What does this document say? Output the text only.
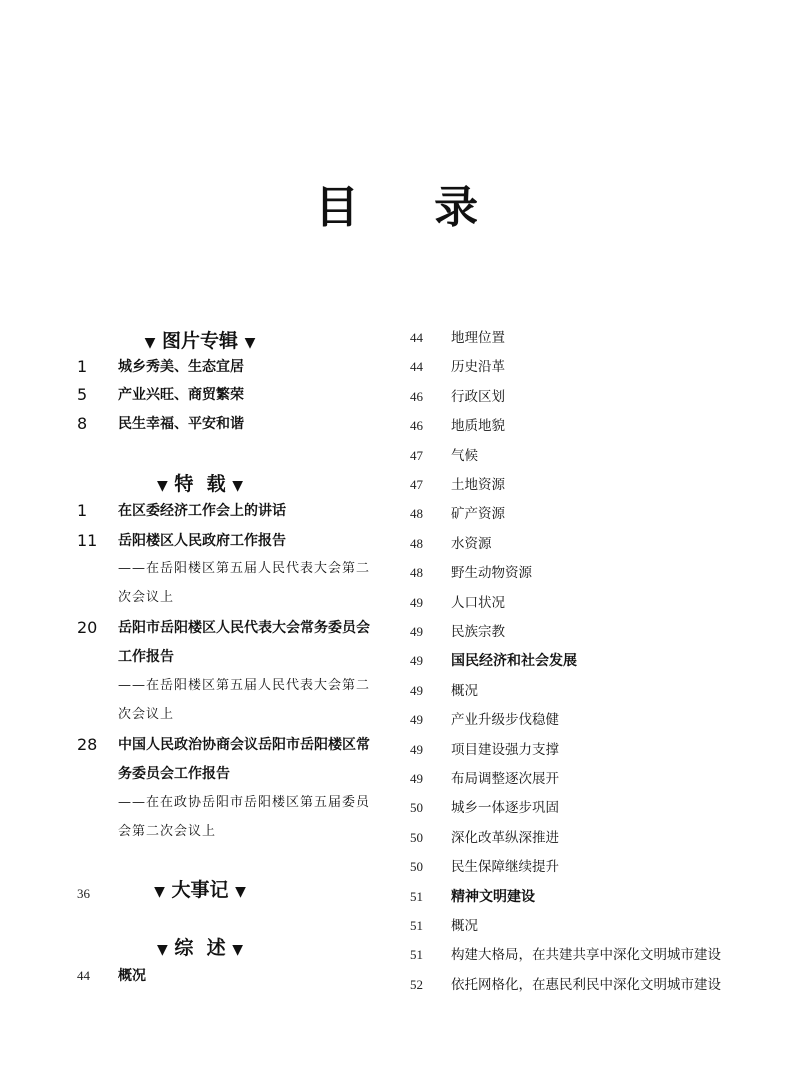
目 录
▼ 图片专辑 ▼
1 城乡秀美、生态宜居
5 产业兴旺、商贸繁荣
8 民生幸福、平安和谐
▼ 特  载 ▼
1 在区委经济工作会上的讲话
11 岳阳楼区人民政府工作报告
——在岳阳楼区第五届人民代表大会第二
次会议上
20 岳阳市岳阳楼区人民代表大会常务委员会
工作报告
——在岳阳楼区第五届人民代表大会第二
次会议上
28 中国人民政治协商会议岳阳市岳阳楼区常
务委员会工作报告
——在在政协岳阳市岳阳楼区第五届委员
会第二次会议上
36	▼ 大事记 ▼
▼ 综  述 ▼
44 概况
44 地理位置
44 历史沿革
46 行政区划
46 地质地貌
47 气候
47 土地资源
48 矿产资源
48 水资源
48 野生动物资源
49 人口状况
49 民族宗教
49 国民经济和社会发展
49 概况
49 产业升级步伐稳健
49 项目建设强力支撑
49 布局调整逐次展开
50 城乡一体逐步巩固
50 深化改革纵深推进
50 民生保障继续提升
51 精神文明建设
51 概况
51 构建大格局，在共建共享中深化文明城市建设
52 依托网格化，在惠民利民中深化文明城市建设
